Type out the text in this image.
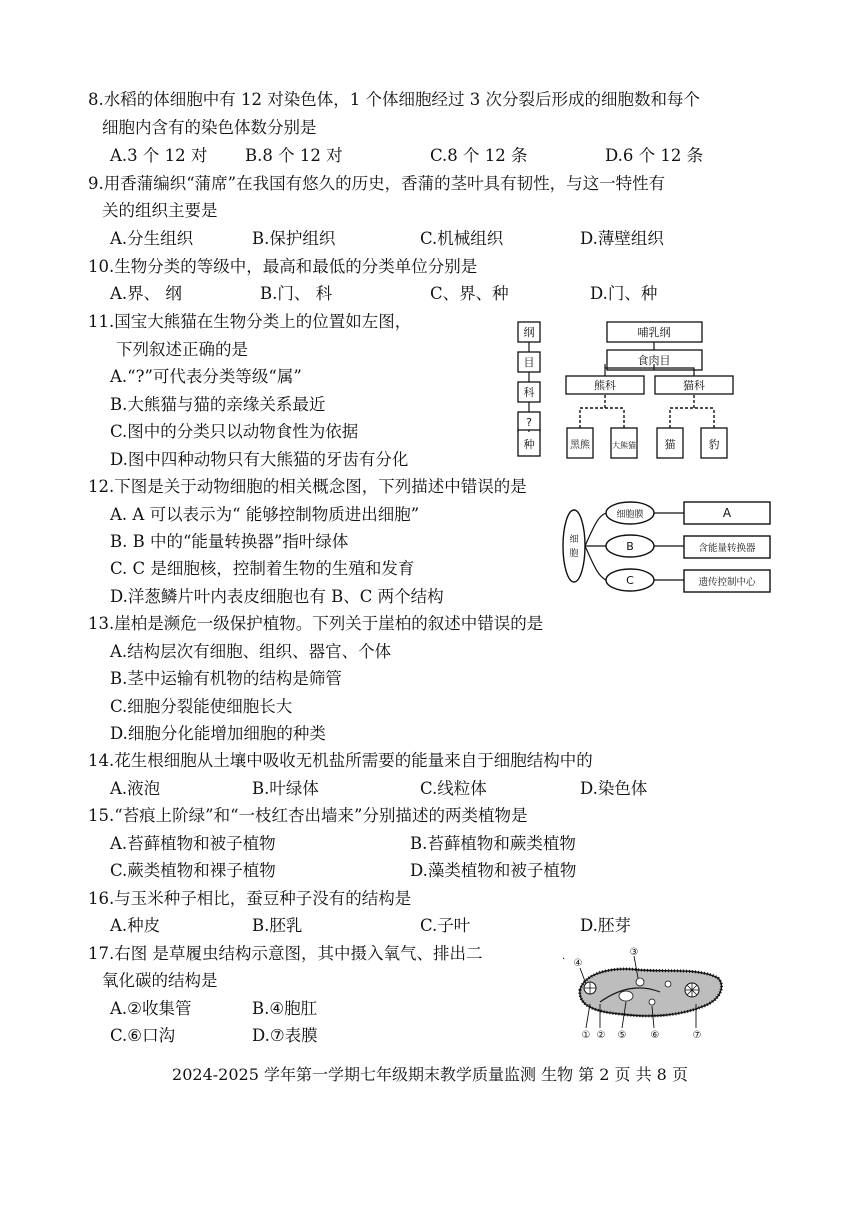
8.水稻的体细胞中有 12 对染色体，1 个体细胞经过 3 次分裂后形成的细胞数和每个
细胞内含有的染色体数分别是
A.3 个 12 对 B.8 个 12 对	C.8 个 12 条	D.6 个 12 条
9.用香蒲编织“蒲席”在我国有悠久的历史，香蒲的茎叶具有韧性，与这一特性有
关的组织主要是
A.分生组织	B.保护组织	C.机械组织	D.薄壁组织
10.生物分类的等级中，最高和最低的分类单位分别是
A.界、 纲	B.门、 科	C、界、种	D.门、种
11.国宝大熊猫在生物分类上的位置如左图，
下列叙述正确的是
A.“?”可代表分类等级“属”
B.大熊猫与猫的亲缘关系最近
C.图中的分类只以动物食性为依据
D.图中四种动物只有大熊猫的牙齿有分化
纲
目
科
?
种
哺乳纲
食肉目
熊科	猫科
黑熊	大熊猫	猫	豹
12.下图是关于动物细胞的相关概念图，下列描述中错误的是
A. A 可以表示为“ 能够控制物质进出细胞”
B. B 中的“能量转换器”指叶绿体
C. C 是细胞核，控制着生物的生殖和发育
D.洋葱鳞片叶内表皮细胞也有 B、C 两个结构
细
胞
细胞膜
B
C
A
含能量转换器
遗传控制中心
13.崖柏是濒危一级保护植物。下列关于崖柏的叙述中错误的是
A.结构层次有细胞、组织、器官、个体
B.茎中运输有机物的结构是筛管
C.细胞分裂能使细胞长大
D.细胞分化能增加细胞的种类
14.花生根细胞从土壤中吸收无机盐所需要的能量来自于细胞结构中的
A.液泡	B.叶绿体	C.线粒体	D.染色体
15.“苔痕上阶绿”和“一枝红杏出墙来”分别描述的两类植物是
A.苔藓植物和被子植物	B.苔藓植物和蕨类植物
C.蕨类植物和裸子植物	D.藻类植物和被子植物
16.与玉米种子相比，蚕豆种子没有的结构是
A.种皮	B.胚乳	C.子叶	D.胚芽
17.右图 是草履虫结构示意图，其中摄入氧气、排出二
氧化碳的结构是
A.②收集管	B.④胞肛
C.⑥口沟	D.⑦表膜
④
③
① ② ⑤ ⑥	⑦
·
2024-2025 学年第一学期七年级期末教学质量监测 生物 第 2 页 共 8 页
